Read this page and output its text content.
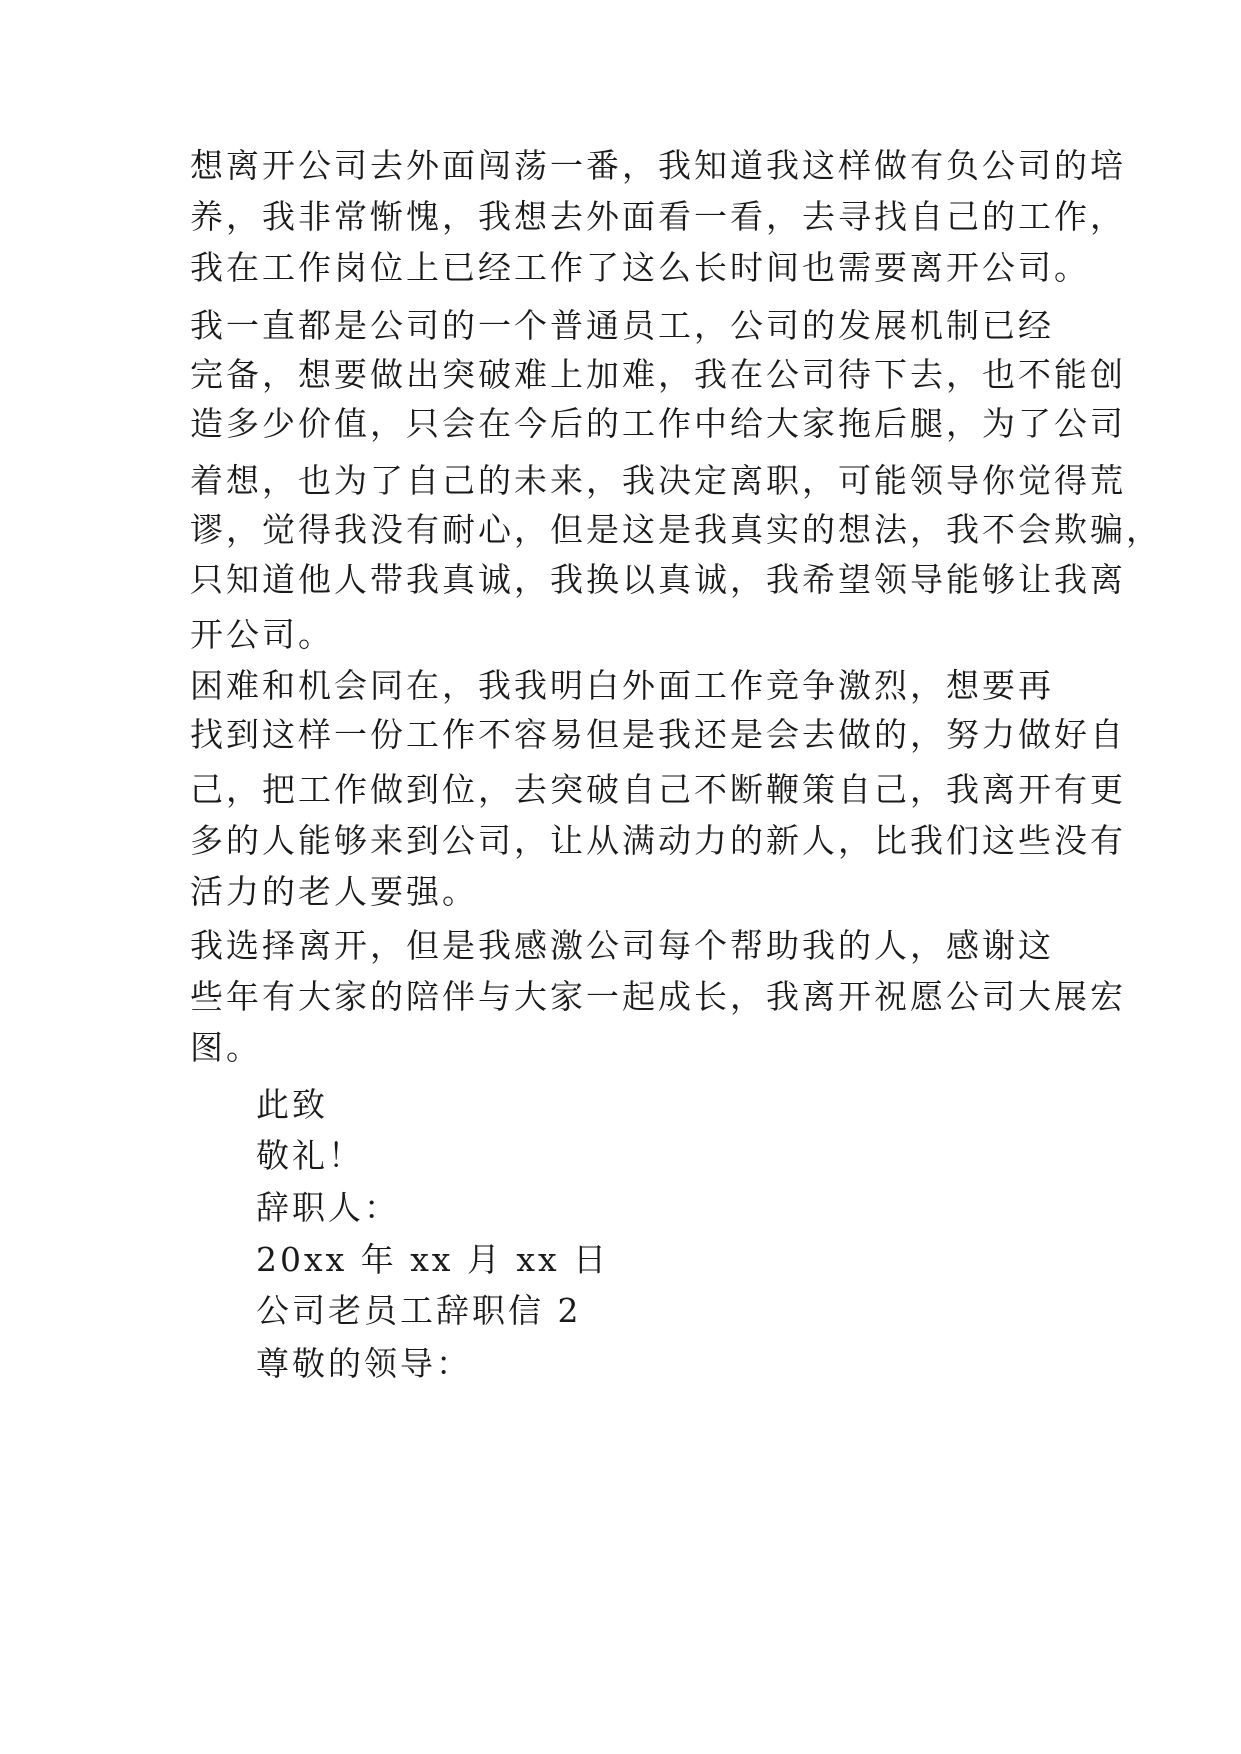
想离开公司去外面闯荡一番，我知道我这样做有负公司的培
养，我非常惭愧，我想去外面看一看，去寻找自己的工作，
我在工作岗位上已经工作了这么长时间也需要离开公司。
我一直都是公司的一个普通员工，公司的发展机制已经
完备，想要做出突破难上加难，我在公司待下去，也不能创
造多少价值，只会在今后的工作中给大家拖后腿，为了公司
着想，也为了自己的未来，我决定离职，可能领导你觉得荒
谬，觉得我没有耐心，但是这是我真实的想法，我不会欺骗，
只知道他人带我真诚，我换以真诚，我希望领导能够让我离
开公司。
困难和机会同在，我我明白外面工作竞争激烈，想要再
找到这样一份工作不容易但是我还是会去做的，努力做好自
己，把工作做到位，去突破自己不断鞭策自己，我离开有更
多的人能够来到公司，让从满动力的新人，比我们这些没有
活力的老人要强。
我选择离开，但是我感激公司每个帮助我的人，感谢这
些年有大家的陪伴与大家一起成长，我离开祝愿公司大展宏
图。
此致
敬礼！
辞职人：
20xx 年 xx 月 xx 日
公司老员工辞职信 2
尊敬的领导：
